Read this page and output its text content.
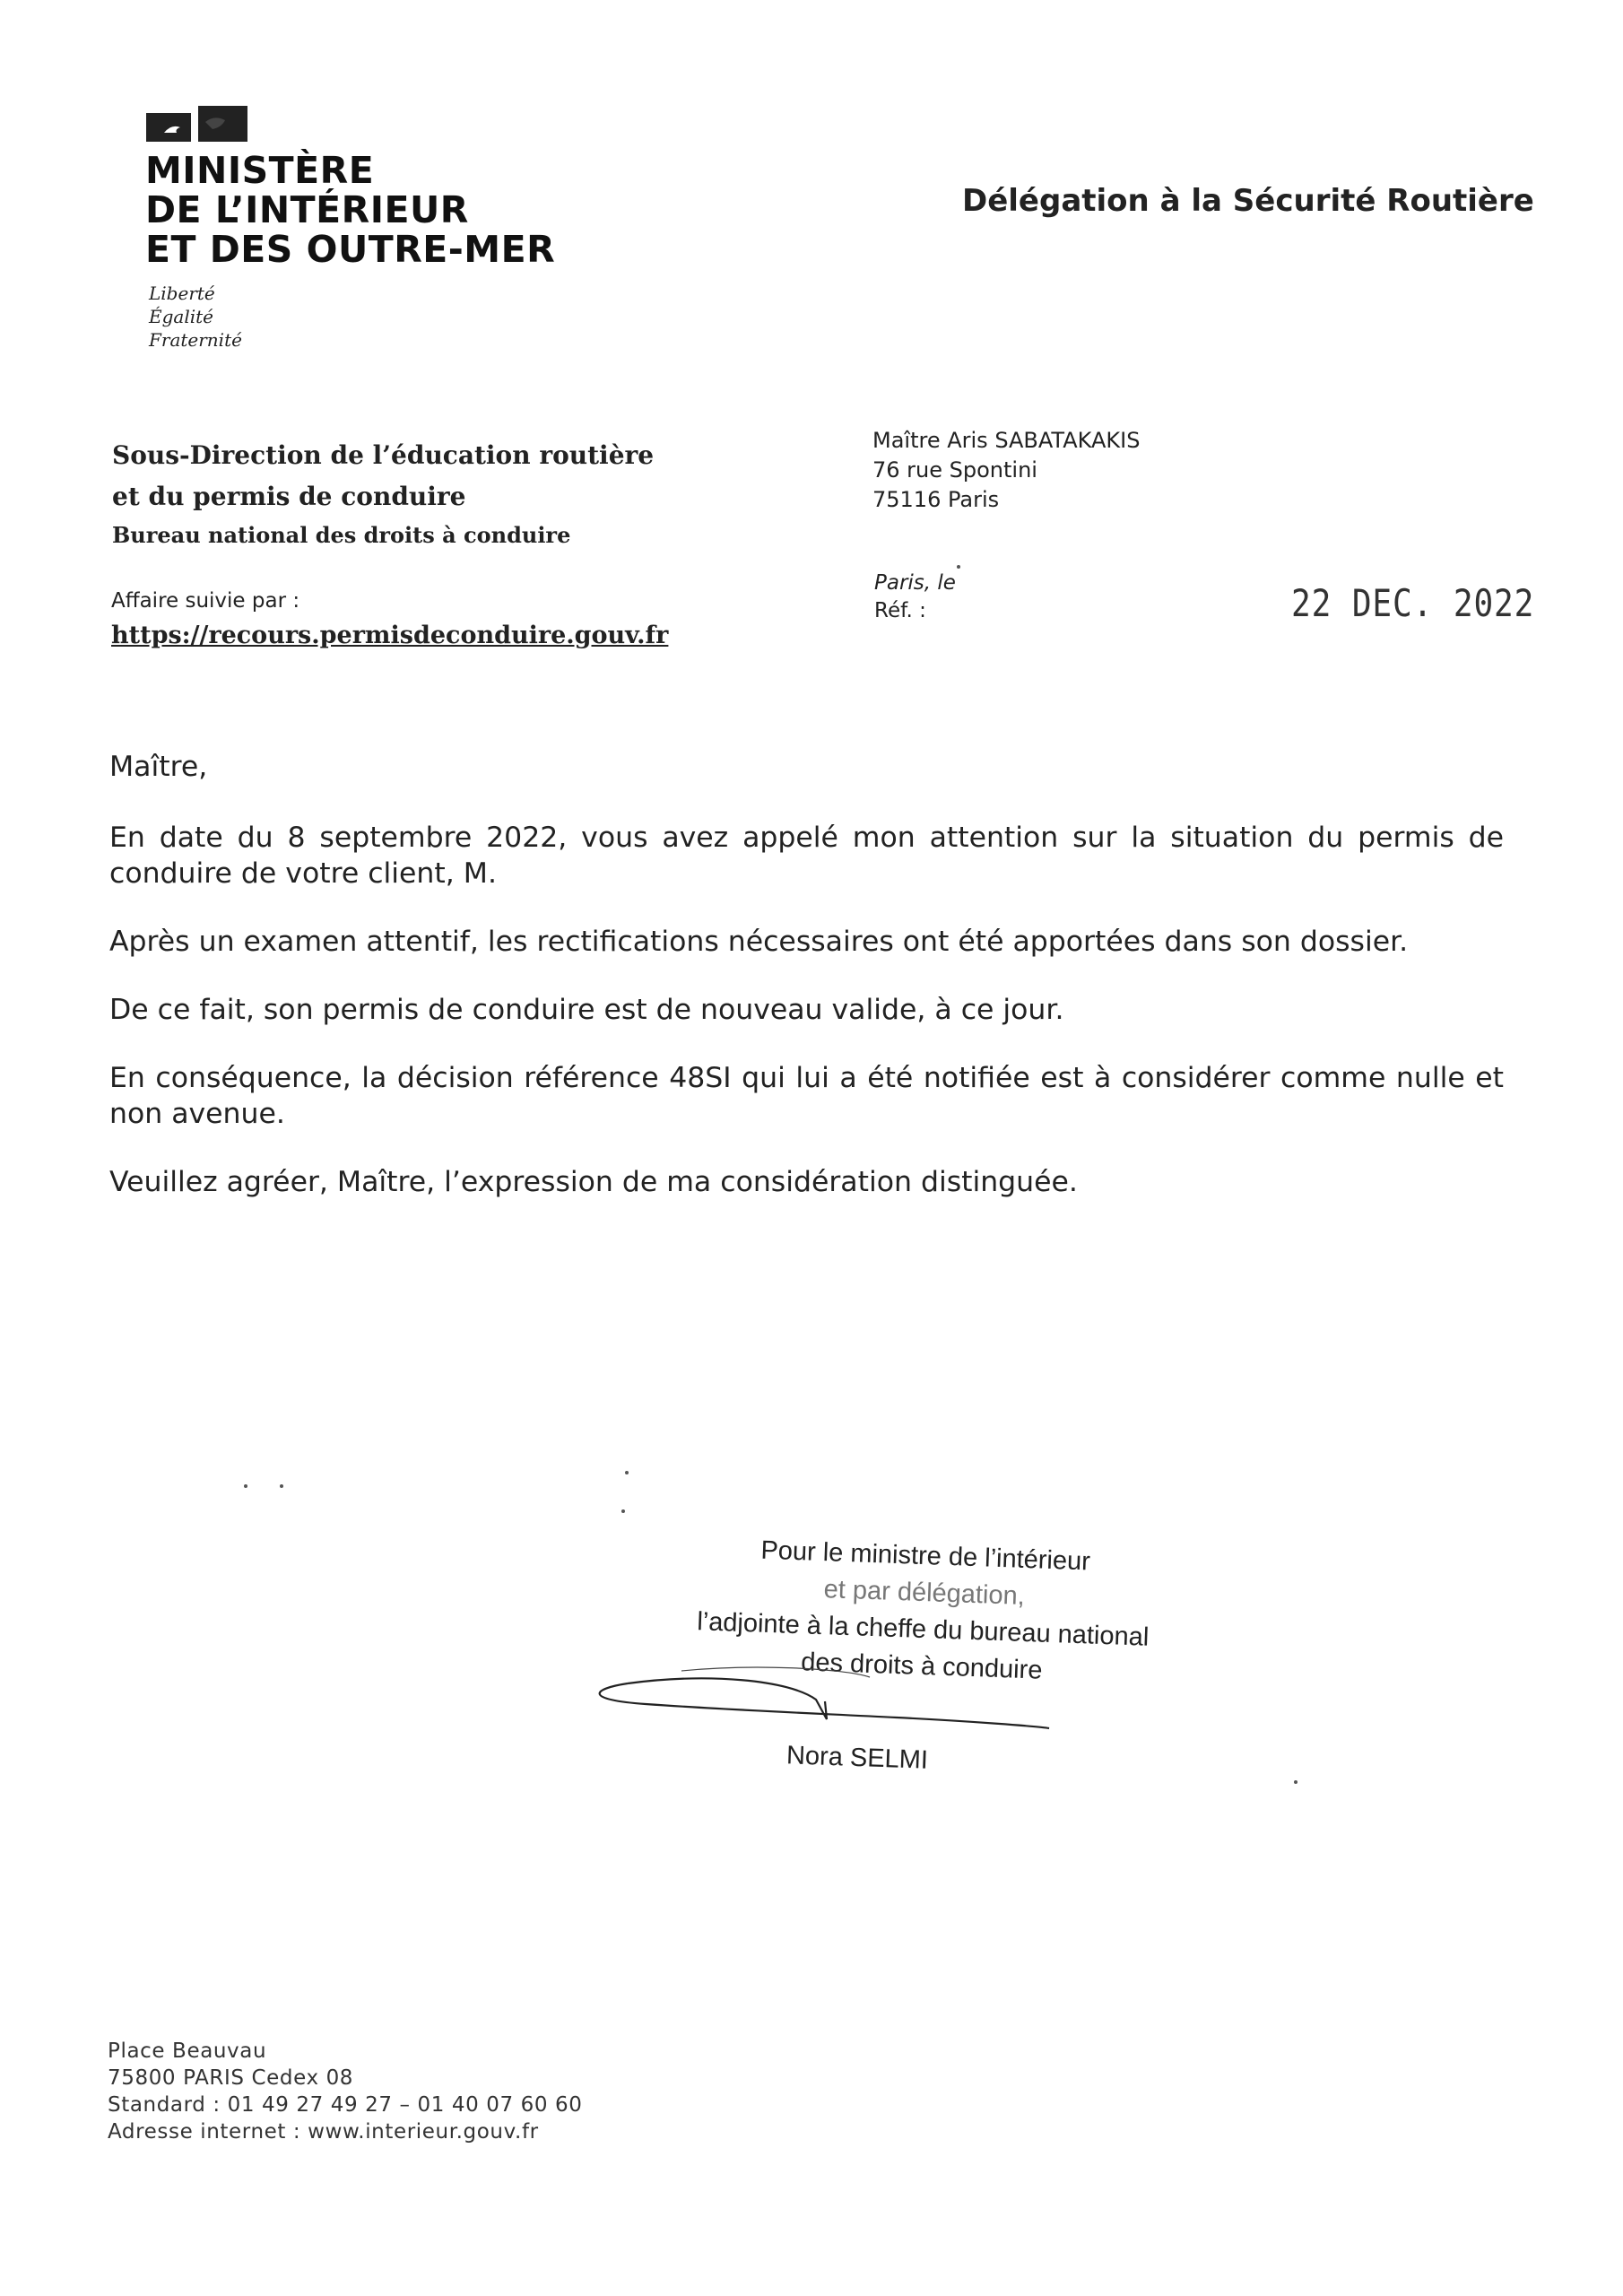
MINISTÈRE
DE L’INTÉRIEUR
ET DES OUTRE-MER
Liberté
Égalité
Fraternité
Délégation à la Sécurité Routière
Sous-Direction de l’éducation routière
et du permis de conduire
Bureau national des droits à conduire
Affaire suivie par :
https://recours.permisdeconduire.gouv.fr
Maître Aris SABATAKAKIS
76 rue Spontini
75116 Paris
Paris, le
Réf. :	22 DEC. 2022

Maître,

En date du 8 septembre 2022, vous avez appelé mon attention sur la situation du permis de conduire de votre client, M.

Après un examen attentif, les rectifications nécessaires ont été apportées dans son dossier.

De ce fait, son permis de conduire est de nouveau valide, à ce jour.

En conséquence, la décision référence 48SI qui lui a été notifiée est à considérer comme nulle et non avenue.

Veuillez agréer, Maître, l’expression de ma considération distinguée.

Pour le ministre de l’intérieur
et par délégation,
l’adjointe à la cheffe du bureau national
des droits à conduire
Nora SELMI
Place Beauvau
75800 PARIS Cedex 08
Standard : 01 49 27 49 27 – 01 40 07 60 60
Adresse internet : www.interieur.gouv.fr
